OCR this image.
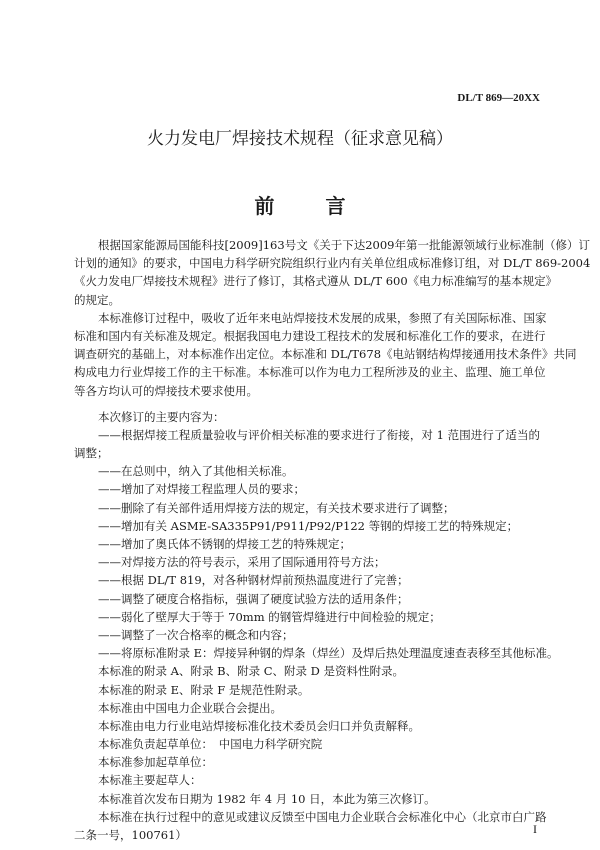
DL/T 869—20XX
火力发电厂焊接技术规程（征求意见稿）
前 言
根据国家能源局国能科技[2009]163号文《关于下达2009年第一批能源领域行业标准制（修）订
计划的通知》的要求，中国电力科学研究院组织行业内有关单位组成标准修订组，对 DL/T 869-2004
《火力发电厂焊接技术规程》进行了修订，其格式遵从 DL/T 600《电力标准编写的基本规定》
的规定。
本标准修订过程中，吸收了近年来电站焊接技术发展的成果，参照了有关国际标准、国家
标准和国内有关标准及规定。根据我国电力建设工程技术的发展和标准化工作的要求，在进行
调查研究的基础上，对本标准作出定位。本标准和 DL/T678《电站钢结构焊接通用技术条件》共同
构成电力行业焊接工作的主干标准。本标准可以作为电力工程所涉及的业主、监理、施工单位
等各方均认可的焊接技术要求使用。
本次修订的主要内容为：
——根据焊接工程质量验收与评价相关标准的要求进行了衔接，对 1 范围进行了适当的
调整；
——在总则中，纳入了其他相关标准。
——增加了对焊接工程监理人员的要求；
——删除了有关部件适用焊接方法的规定，有关技术要求进行了调整；
——增加有关 ASME-SA335P91/P911/P92/P122 等钢的焊接工艺的特殊规定；
——增加了奥氏体不锈钢的焊接工艺的特殊规定；
——对焊接方法的符号表示，采用了国际通用符号方法；
——根据 DL/T 819，对各种钢材焊前预热温度进行了完善；
——调整了硬度合格指标，强调了硬度试验方法的适用条件；
——弱化了壁厚大于等于 70mm 的钢管焊缝进行中间检验的规定；
——调整了一次合格率的概念和内容；
——将原标准附录 E：焊接异种钢的焊条（焊丝）及焊后热处理温度速查表移至其他标准。
本标准的附录 A、附录 B、附录 C、附录 D 是资料性附录。
本标准的附录 E、附录 F 是规范性附录。
本标准由中国电力企业联合会提出。
本标准由电力行业电站焊接标准化技术委员会归口并负责解释。
本标准负责起草单位：　中国电力科学研究院
本标准参加起草单位：
本标准主要起草人：
本标准首次发布日期为 1982 年 4 月 10 日，本此为第三次修订。
本标准在执行过程中的意见或建议反馈至中国电力企业联合会标准化中心（北京市白广路
二条一号，100761）	I
